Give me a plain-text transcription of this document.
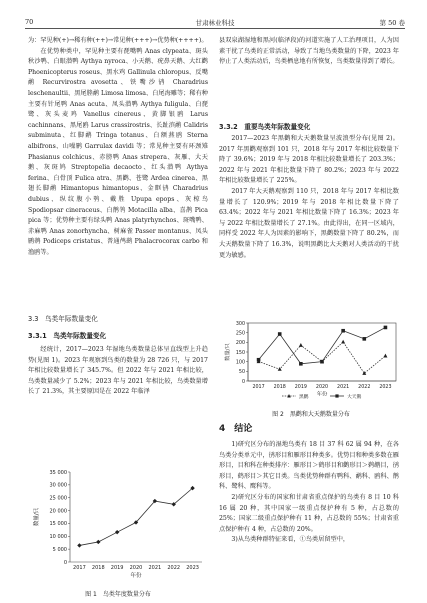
70	甘肃林业科技	第 50 卷

为：罕见种(+)→稀有种(++)→常见种(+++)→优势种(++++)。

在优势种类中，罕见种主要有琵嘴鸭 Anas clypeata、斑头秋沙鸭、白眼潜鸭 Aythya nyroca、小天鹅、疣鼻天鹅、大红鹳 Phoenicopterus roseus、黑水鸡 Gallinula chloropus、反嘴鹬 Recurvirostra avosetta、铁嘴沙鸻 Charadrius leschenaultii、黑尾塍鹬 Limosa limosa、白尾海雕等；稀有种主要有针尾鸭 Anas acuta、凤头潜鸭 Aythya fuligula、白琵鹭、灰头麦鸡 Vanellus cinereus、黄脚银鸥 Larus cachinnans、黑尾鸥 Larus crassirostris、长趾滨鹬 Calidris subminuta、红脚鹬 Tringa totanus、白额燕鸥 Sterna albifrons、山噪鹛 Garrulax davidi 等；常见种主要有环颈雉 Phasianus colchicus、赤膀鸭 Anas strepera、灰雁、大天鹅、灰斑鸠 Streptopelia decaocto、红头潜鸭 Aythya ferina、白骨顶 Fulica atra、黑鹳、苍鹭 Ardea cinerea、黑翅长脚鹬 Himantopus himantopus、金眶鸻 Charadrius dubius、纵纹腹小鸮、戴胜 Upupa epops、灰椋鸟 Spodiopsar cineraceus、白鹡鸰 Motacilla alba、喜鹊 Pica pica 等；优势种主要有绿头鸭 Anas platyrhynchos、斑嘴鸭、赤麻鸭 Anas zonorhyncha、树麻雀 Passer montanus、凤头鹛鹈 Podiceps cristatus、普通鸬鹚 Phalacrocorax carbo 和渔鸥等。

3.3　鸟类年际数量变化
3.3.1　鸟类年际数量变化

经统计，2017—2023 年湿地鸟类数量总体呈直线型上升趋势(见图 1)。2023 年观察到鸟类的数量为 28 726 只，与 2017 年相比较数量增长了 345.7%。但 2022 年与 2021 年相比较，鸟类数量减少了 5.2%；2023 年与 2021 年相比较，鸟类数量增长了 21.3%，其主要原因是在 2022 年临泽

0
5 000
10 000
15 000
20 000
25 000
30 000
35 000
2017 2018 2019 2020 2021 2022 2023
年份
数量/只
图 1　鸟类年度数量分布

县双泉湖湿地和黑河(临泽段)的河道实施了人工治理项目，人为因素干扰了鸟类的正常活动，导致了当地鸟类数量的下降，2023 年停止了人类活动后，鸟类栖息地有所恢复，鸟类数量得到了增长。

3.3.2　重要鸟类年际数量变化

2017—2023 年黑鹳和大天鹅数量呈波浪型分布(见图 2)。2017 年黑鹳观察到 101 只，2018 年与 2017 年相比较数量下降了 39.6%；2019 年与 2018 年相比较数量增长了 203.3%；2022 年与 2021 年相比数量下降了 80.2%；2023 年与 2022 年相比较数量增长了 225%。

2017 年大天鹅观察到 110 只，2018 年与 2017 年相比数量增长了 120.9%；2019 年与 2018 年相比数量下降了 63.4%；2022 年与 2021 年相比数量下降了 16.3%；2023 年与 2022 年相比数量增长了 27.1%。由此得出，在同一区域内，同样受 2022 年人为因素的影响下，黑鹳数量下降了 80.2%，而大天鹅数量下降了 16.3%，说明黑鹳比大天鹅对人类活动的干扰更为敏感。

0
50
100
150
200
250
300
2017 2018 2019 2020 2021 2022 2023
年份
数量/只
黑鹳	大天鹅
图 2　黑鹳和大天鹅数量分布
4　结论

1)研究区分布的湿地鸟类有 18 目 37 科 62 属 94 种，在各鸟类分类单元中，鸻形目和雁形目种类多。优势目和种类多数在雁形目，目和科在种类排序：雁形目＞鹤形目和鹳形目＞鹈鹕目，鸻形目，鹤形目＞其它目类。鸟类优势种群有鸭科、鹬科、鸥科、鹡科、鹭科、鹰科等。

2)研究区分布的国家和甘肃省重点保护的鸟类有 8 目 10 科 16 属 20 种，其中国家一级重点保护种有 5 种，占总数的 25%；国家二级重点保护种有 11 种，占总数的 55%；甘肃省重点保护种有 4 种，占总数的 20%。

3)从鸟类种群特征来看，①鸟类居留型中，
